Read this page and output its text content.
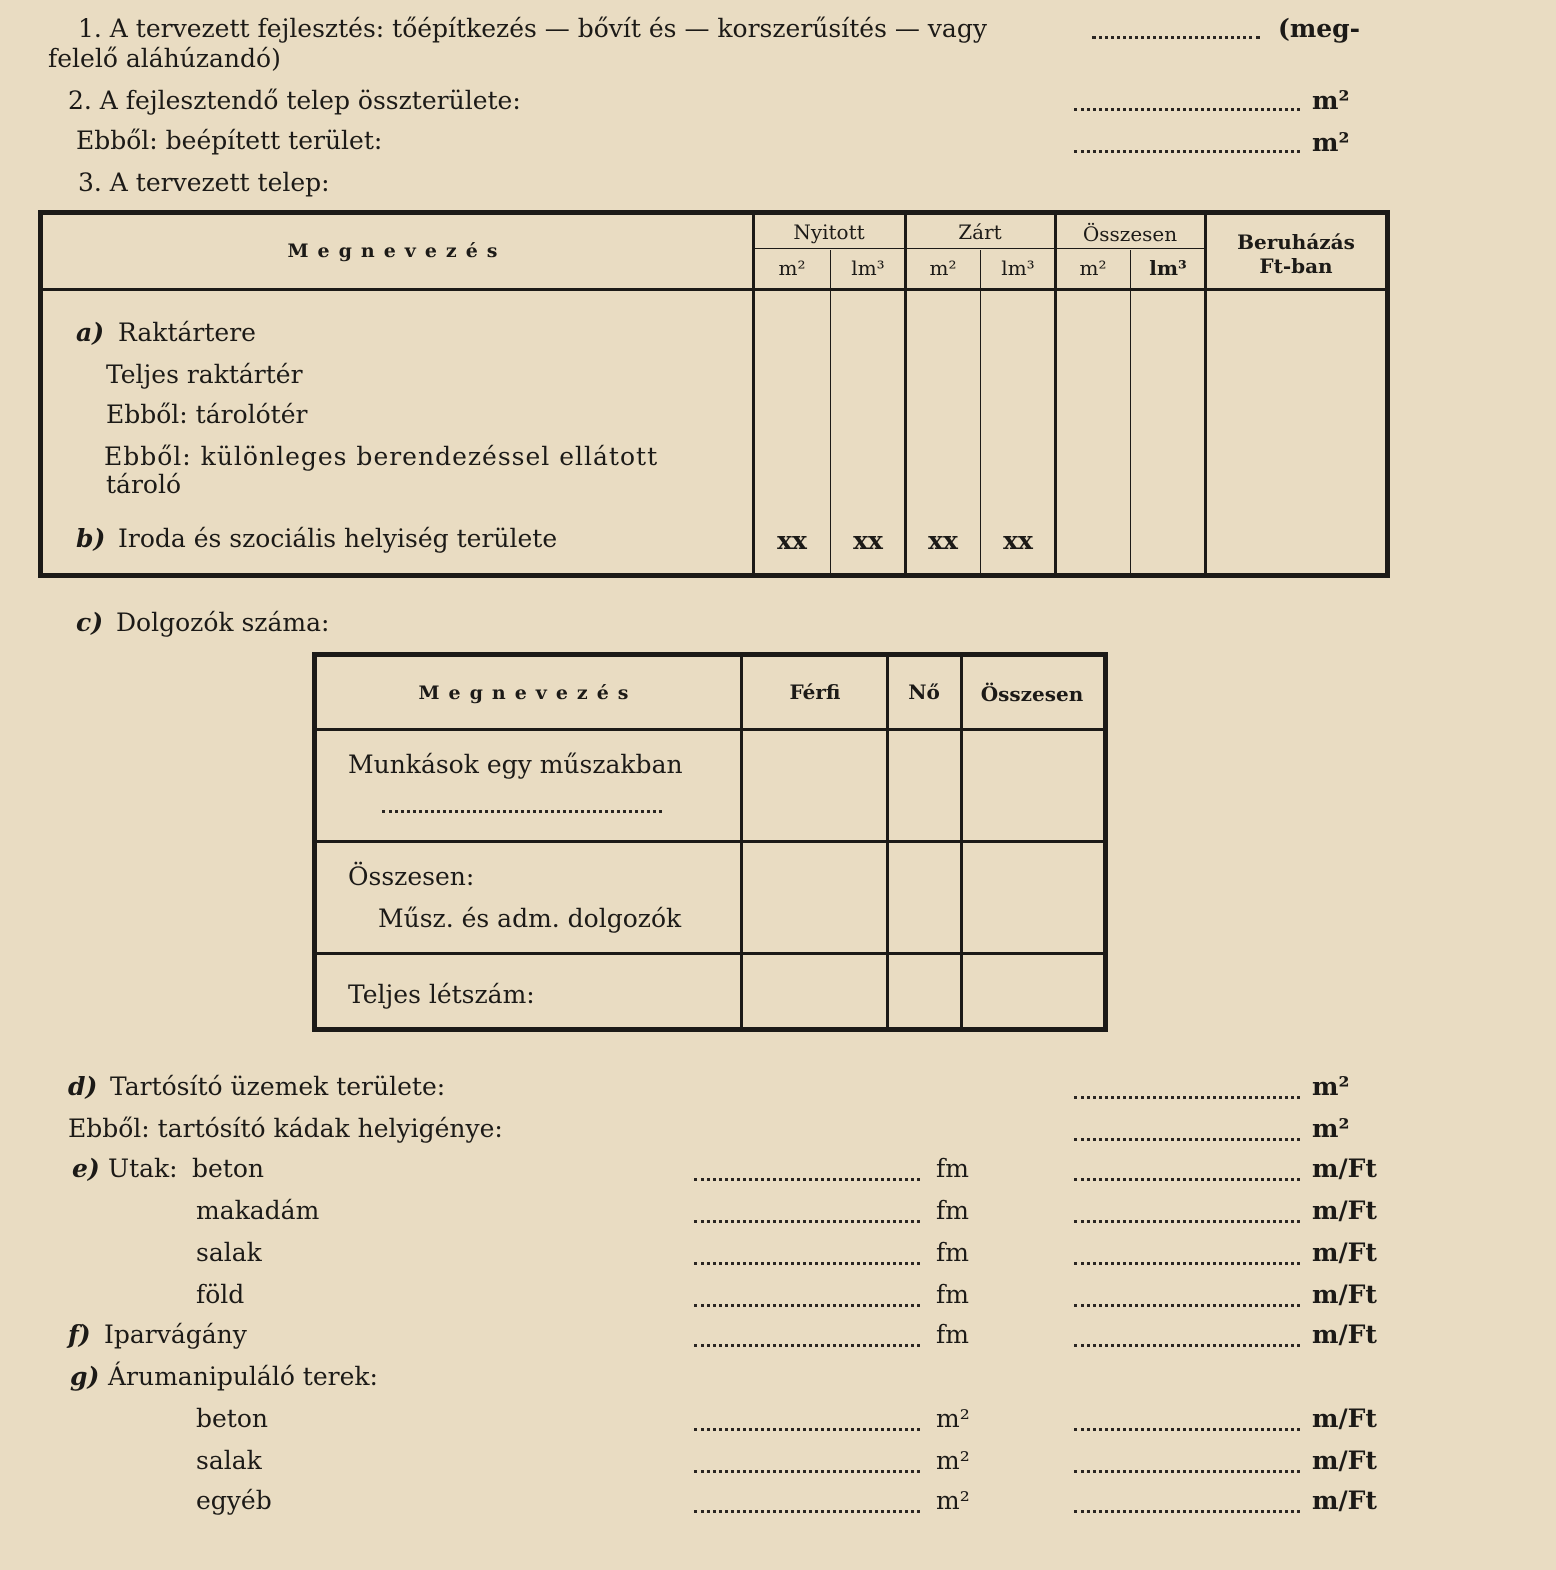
1. A tervezett fejlesztés: tőépítkezés — bővít és — korszerűsítés — vagy	(meg-
felelő aláhúzandó)
2. A fejlesztendő telep összterülete:	m²
Ebből: beépített terület:	m²
3. A tervezett telep:
Megnevezés
Nyitott	Zárt	Összesen
m²	lm³	m²	lm³	m²	lm³
Beruházás
Ft-ban
a) Raktártere
Teljes raktártér
Ebből: tárolótér
Ebből: különleges berendezéssel ellátott
tároló
b) Iroda és szociális helyiség területe	xx	xx	xx	xx
c) Dolgozók száma:
Megnevezés	Férfi	Nő	Összesen
Munkások egy műszakban
Összesen:
Műsz. és adm. dolgozók
Teljes létszám:
d) Tartósító üzemek területe:	m²
Ebből: tartósító kádak helyigénye:	m²
e) Utak: beton	fm	m/Ft
makadám	fm	m/Ft
salak	fm	m/Ft
föld	fm	m/Ft
f) Iparvágány	fm	m/Ft
g) Árumanipuláló terek:
beton	m²	m/Ft
salak	m²	m/Ft
egyéb	m²	m/Ft
